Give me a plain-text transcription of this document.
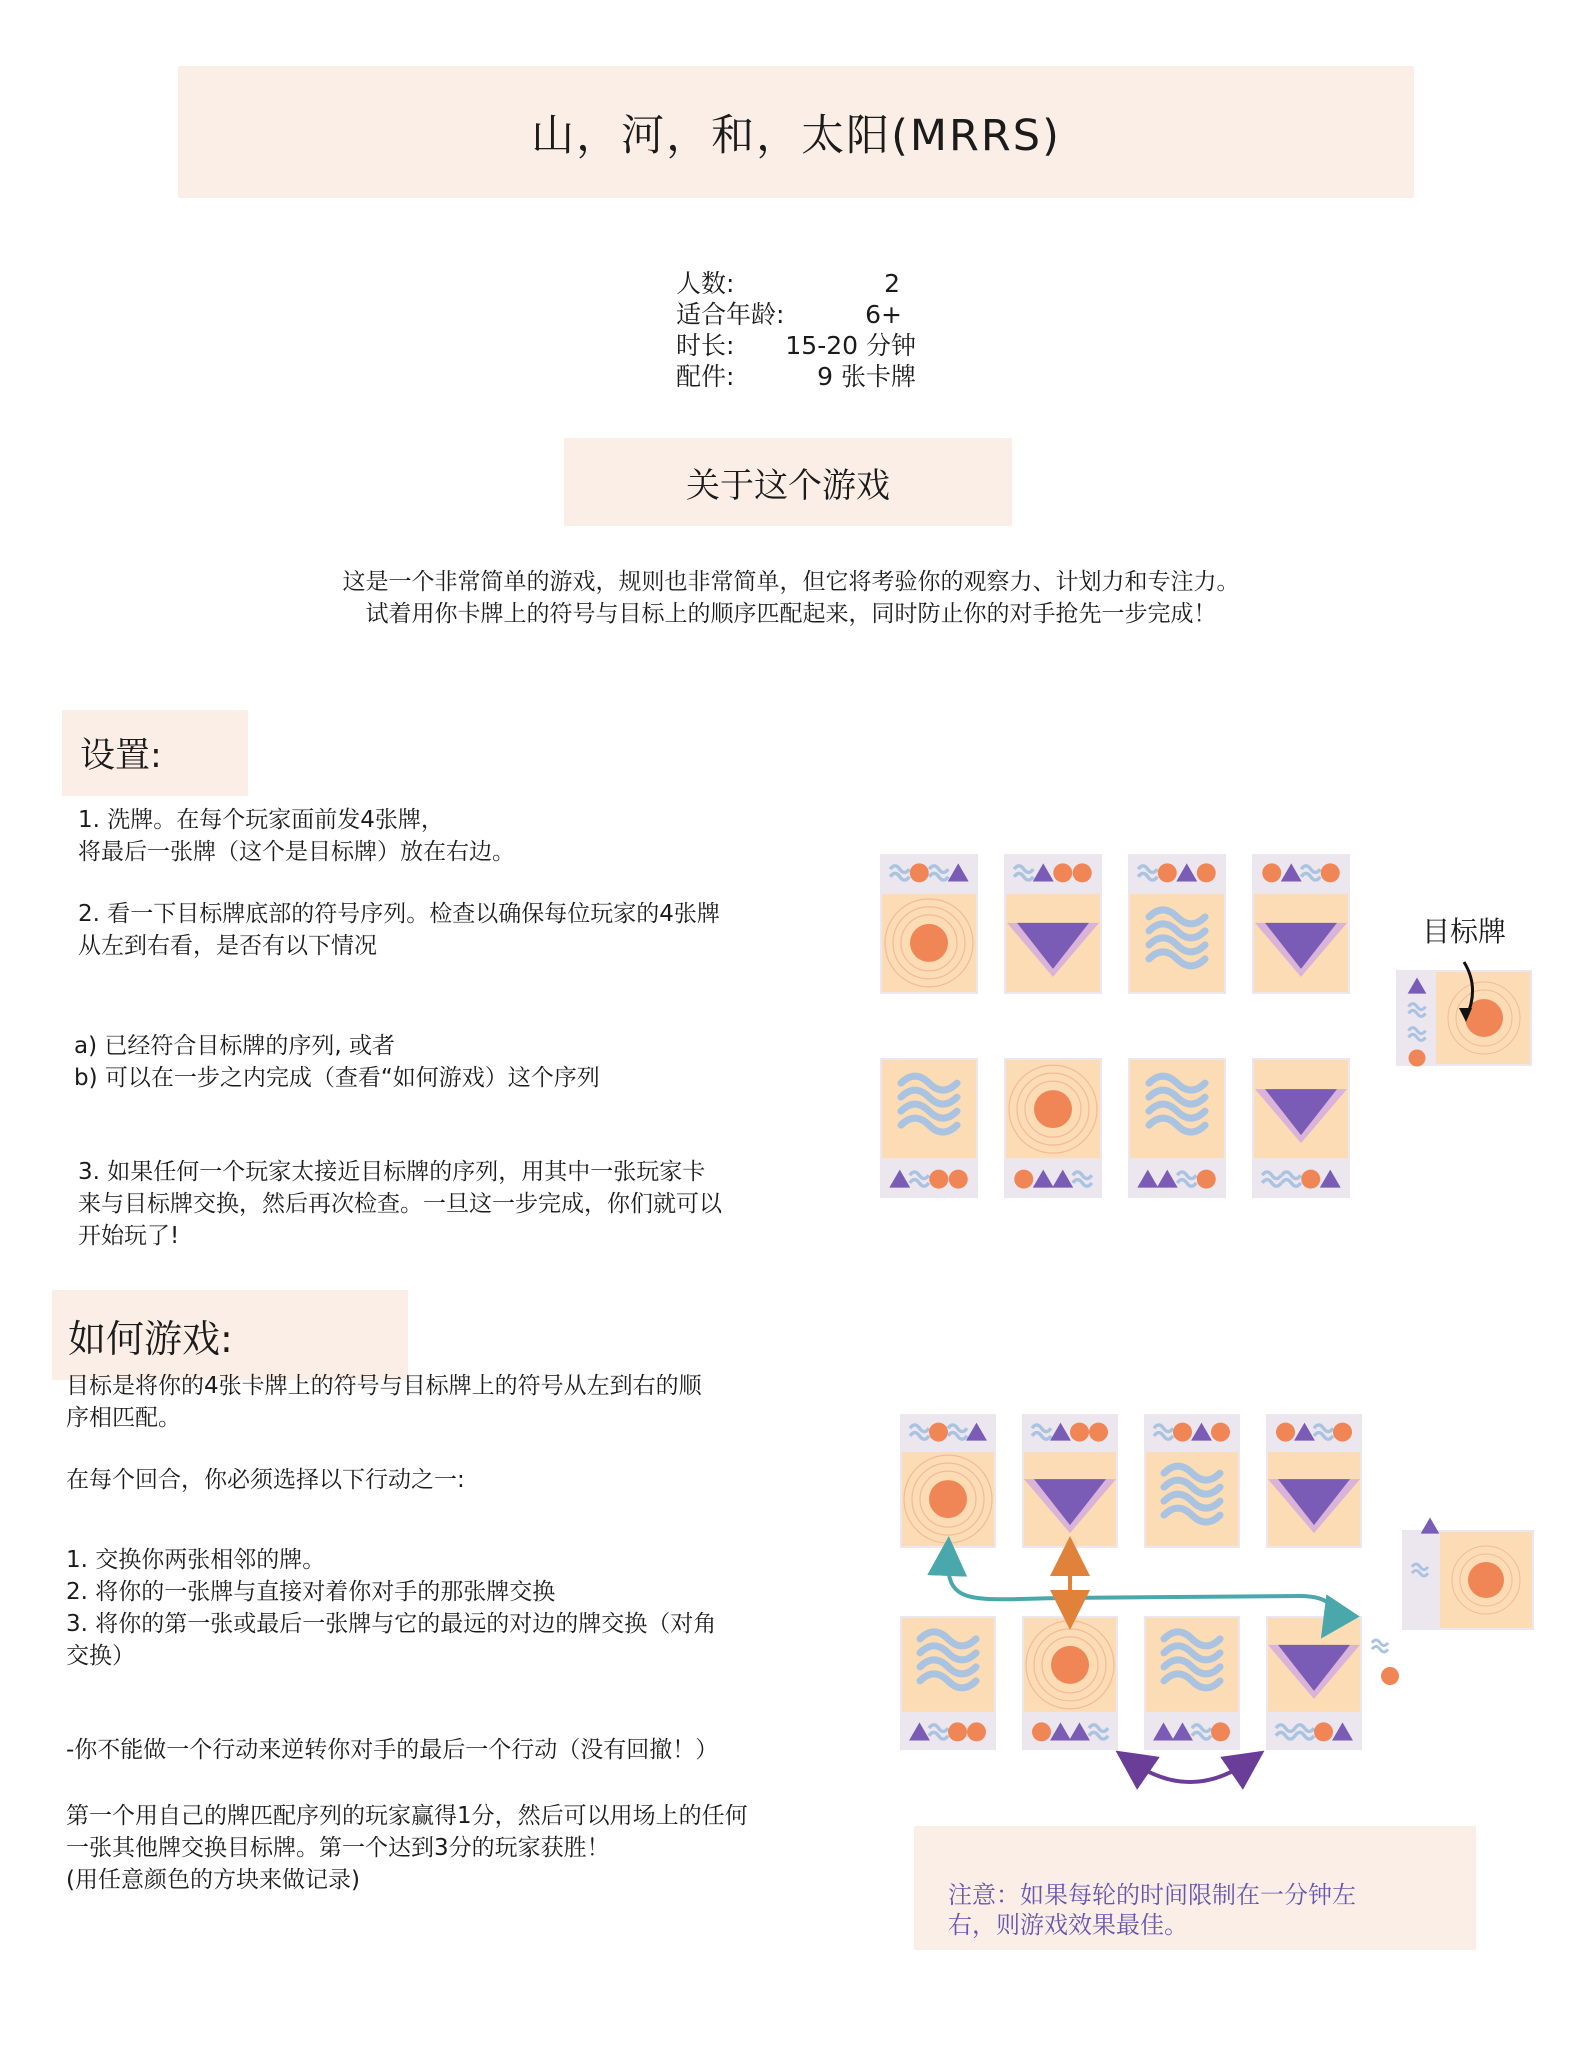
山，河，和，太阳(MRRS)
人数:	2
适合年龄:	6+
时长: 15-20 分钟
配件:	9 张卡牌
关于这个游戏
这是一个非常简单的游戏，规则也非常简单，但它将考验你的观察力、计划力和专注力。
试着用你卡牌上的符号与目标上的顺序匹配起来，同时防止你的对手抢先一步完成！
设置:
1. 洗牌。在每个玩家面前发4张牌，
将最后一张牌（这个是目标牌）放在右边。
2. 看一下目标牌底部的符号序列。检查以确保每位玩家的4张牌
从左到右看，是否有以下情况
a) 已经符合目标牌的序列, 或者
b) 可以在一步之内完成（查看“如何游戏）这个序列
3. 如果任何一个玩家太接近目标牌的序列，用其中一张玩家卡
来与目标牌交换，然后再次检查。一旦这一步完成，你们就可以
开始玩了!
如何游戏:
目标是将你的4张卡牌上的符号与目标牌上的符号从左到右的顺
序相匹配。
在每个回合，你必须选择以下行动之一:
1. 交换你两张相邻的牌。
2. 将你的一张牌与直接对着你对手的那张牌交换
3. 将你的第一张或最后一张牌与它的最远的对边的牌交换（对角
交换）
-你不能做一个行动来逆转你对手的最后一个行动（没有回撤！）
第一个用自己的牌匹配序列的玩家赢得1分，然后可以用场上的任何
一张其他牌交换目标牌。第一个达到3分的玩家获胜！
(用任意颜色的方块来做记录)
注意：如果每轮的时间限制在一分钟左
右，则游戏效果最佳。
目标牌
